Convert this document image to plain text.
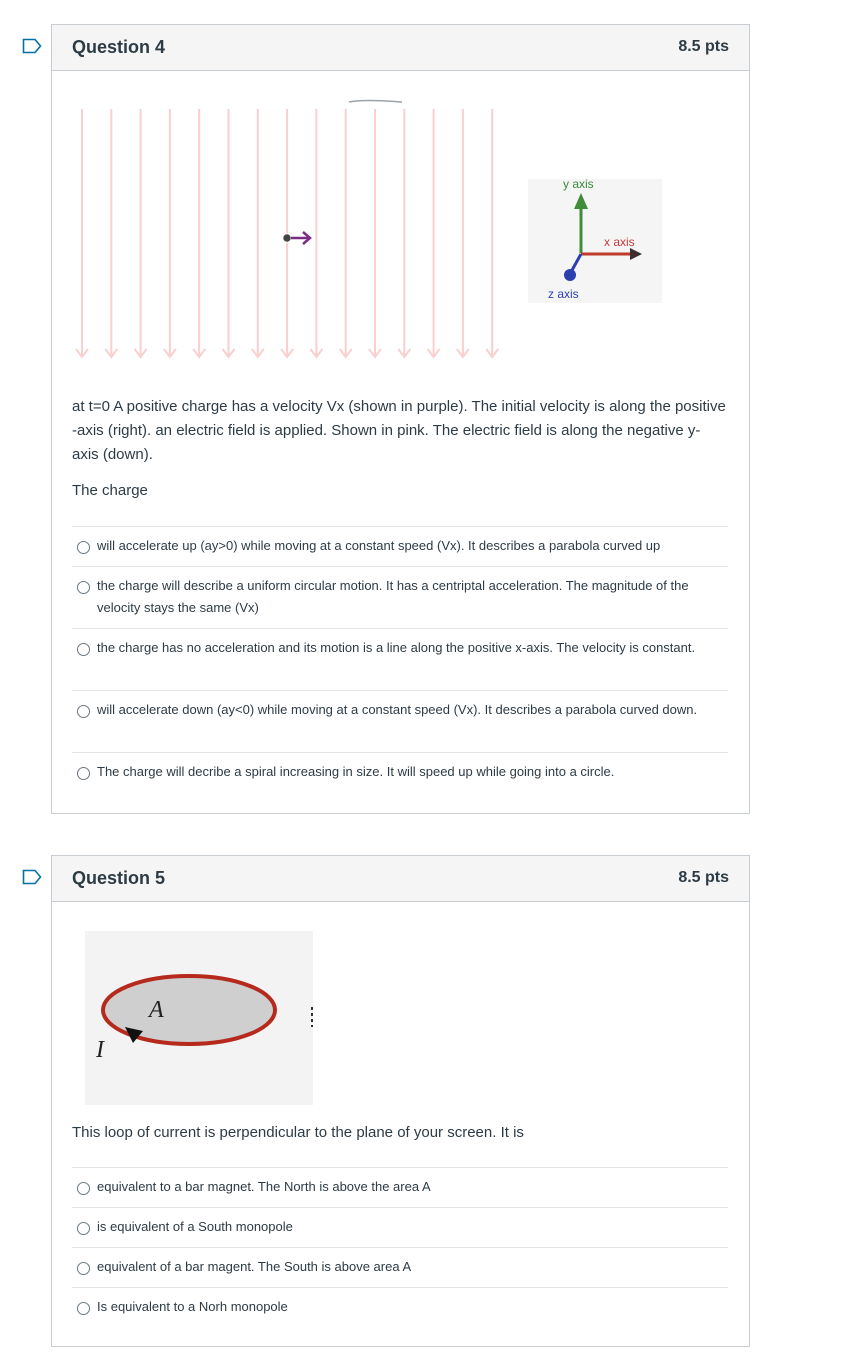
Question 4	8.5 pts
y axis
x axis
z axis
at t=0 A positive charge has a velocity Vx (shown in purple). The initial velocity is along the positive -axis (right). an electric field is applied. Shown in pink. The electric field is along the negative y-axis (down).
The charge
will accelerate up (ay>0) while moving at a constant speed (Vx). It describes a parabola curved up
the charge will describe a uniform circular motion. It has a centriptal acceleration. The magnitude of the velocity stays the same (Vx)
the charge has no acceleration and its motion is a line along the positive x-axis. The velocity is constant.
will accelerate down (ay<0) while moving at a constant speed (Vx). It describes a parabola curved down.
The charge will decribe a spiral increasing in size. It will speed up while going into a circle.
Question 5	8.5 pts
A
I
This loop of current is perpendicular to the plane of your screen. It is
equivalent to a bar magnet. The North is above the area A
is equivalent of a South monopole
equivalent of a bar magent. The South is above area A
Is equivalent to a Norh monopole
